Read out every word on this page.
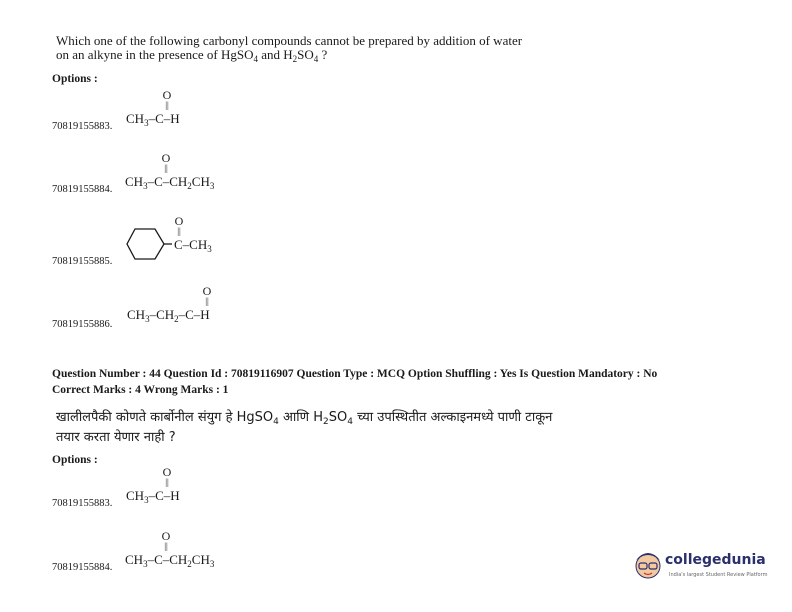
Which one of the following carbonyl compounds cannot be prepared by addition of water
on an alkyne in the presence of HgSO$_4$ and $H_2SO_4$ ?
Options :
70819155883.
O
||
$CH_3-C-H$
70819155884.
O
||
$CH_3-C-CH_2CH_3$
70819155885.
O
||
$C-CH_3$
70819155886.
O
||
$CH_3-CH_2-C-H$
Question Number : 44 Question Id : 70819116907 Question Type : MCQ Option Shuffling : Yes Is Question Mandatory : No
Correct Marks : 4 Wrong Marks : 1
खालीलपैकी कोणते कार्बोनील संयुग हे HgSO$_4$ आणि $H_2SO_4$ च्या उपस्थितीत अल्काइनमध्ये पाणी टाकून
तयार करता येणार नाही ?
Options :
70819155883.
O
||
$CH_3-C-H$
70819155884.
O
||
$CH_3-C-CH_2CH_3$	collegedunia
India's largest Student Review Platform
